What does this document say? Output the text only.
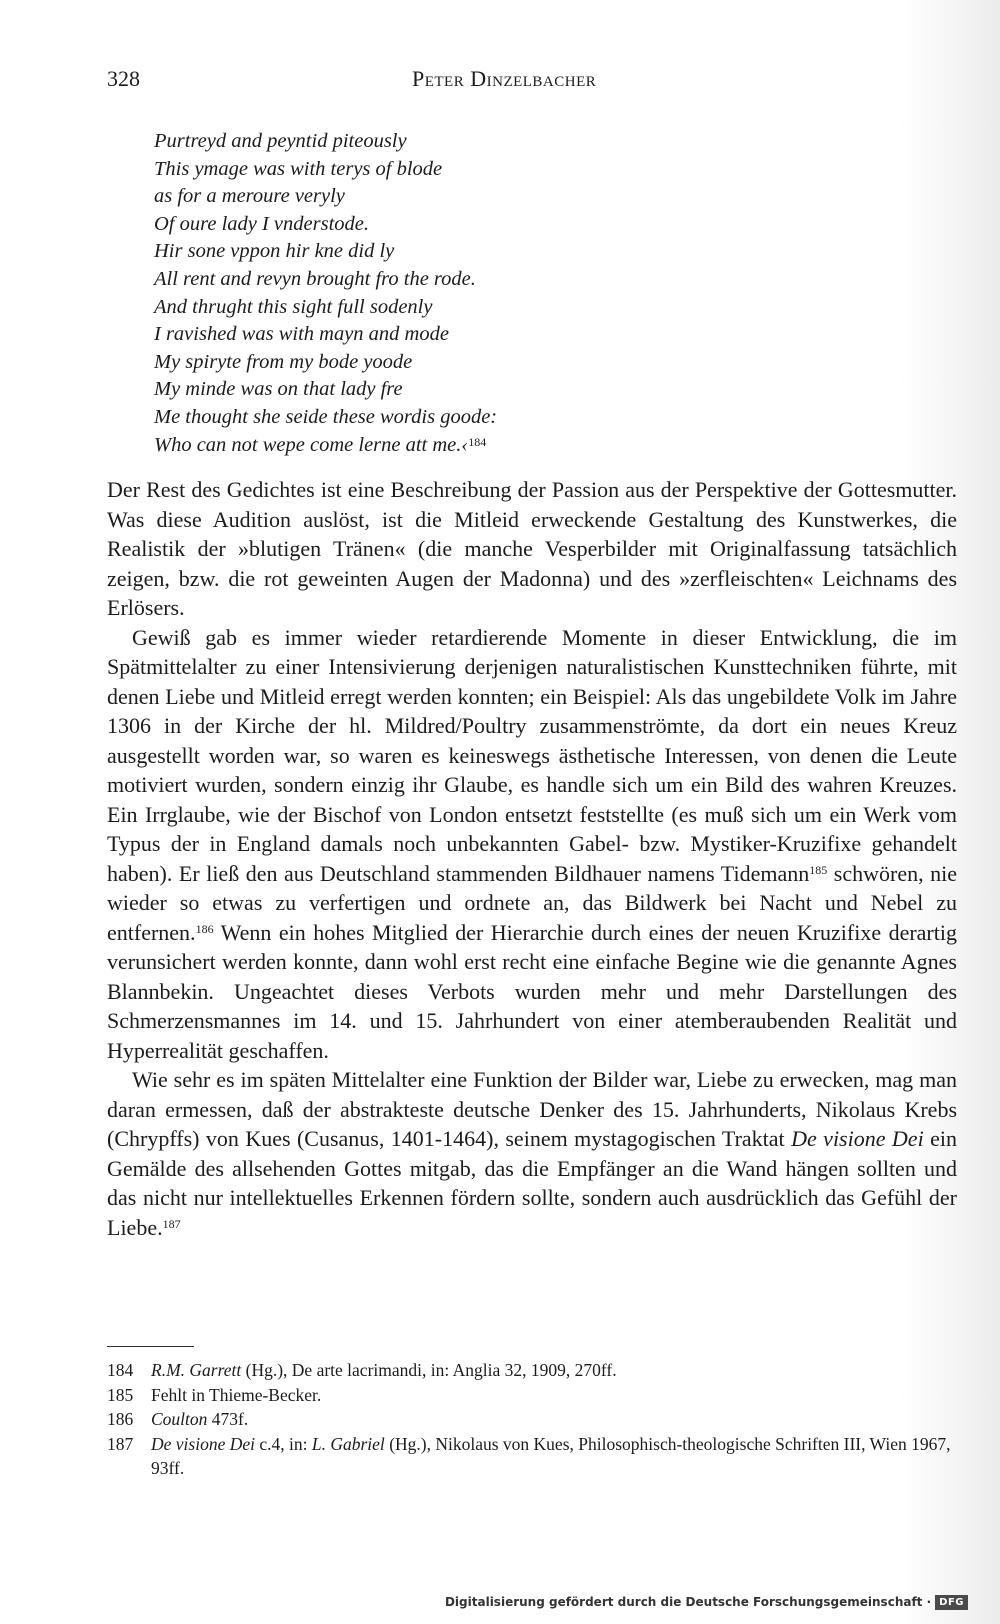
328	Peter Dinzelbacher
Purtreyd and peyntid piteously
This ymage was with terys of blode
as for a meroure veryly
Of oure lady I vnderstode.
Hir sone vppon hir kne did ly
All rent and revyn brought fro the rode.
And thrught this sight full sodenly
I ravished was with mayn and mode
My spiryte from my bode yoode
My minde was on that lady fre
Me thought she seide these wordis goode:
Who can not wepe come lerne att me.‹$^{184}$

Der Rest des Gedichtes ist eine Beschreibung der Passion aus der Perspektive der Gottesmutter. Was diese Audition auslöst, ist die Mitleid erweckende Gestaltung des Kunstwerkes, die Realistik der »blutigen Tränen« (die manche Vesperbilder mit Originalfassung tatsächlich zeigen, bzw. die rot geweinten Augen der Madonna) und des »zerfleischten« Leichnams des Erlösers.

Gewiß gab es immer wieder retardierende Momente in dieser Entwicklung, die im Spätmittelalter zu einer Intensivierung derjenigen naturalistischen Kunsttechniken führte, mit denen Liebe und Mitleid erregt werden konnten; ein Beispiel: Als das ungebildete Volk im Jahre 1306 in der Kirche der hl. Mildred/Poultry zusammenströmte, da dort ein neues Kreuz ausgestellt worden war, so waren es keineswegs ästhetische Interessen, von denen die Leute motiviert wurden, sondern einzig ihr Glaube, es handle sich um ein Bild des wahren Kreuzes. Ein Irrglaube, wie der Bischof von London entsetzt feststellte (es muß sich um ein Werk vom Typus der in England damals noch unbekannten Gabel- bzw. Mystiker-Kruzifixe gehandelt haben). Er ließ den aus Deutschland stammenden Bildhauer namens Tidemann$^{185}$ schwören, nie wieder so etwas zu verfertigen und ordnete an, das Bildwerk bei Nacht und Nebel zu entfernen.$^{186}$ Wenn ein hohes Mitglied der Hierarchie durch eines der neuen Kruzifixe derartig verunsichert werden konnte, dann wohl erst recht eine einfache Begine wie die genannte Agnes Blannbekin. Ungeachtet dieses Verbots wurden mehr und mehr Darstellungen des Schmerzensmannes im 14. und 15. Jahrhundert von einer atemberaubenden Realität und Hyperrealität geschaffen.

Wie sehr es im späten Mittelalter eine Funktion der Bilder war, Liebe zu erwecken, mag man daran ermessen, daß der abstrakteste deutsche Denker des 15. Jahrhunderts, Nikolaus Krebs (Chrypffs) von Kues (Cusanus, 1401-1464), seinem mystagogischen Traktat De visione Dei ein Gemälde des allsehenden Gottes mitgab, das die Empfänger an die Wand hängen sollten und das nicht nur intellektuelles Erkennen fördern sollte, sondern auch ausdrücklich das Gefühl der Liebe.$^{187}$

184 R.M. Garrett (Hg.), De arte lacrimandi, in: Anglia 32, 1909, 270ff.
185 Fehlt in Thieme-Becker.
186 Coulton 473f.
187 De visione Dei c.4, in: L. Gabriel (Hg.), Nikolaus von Kues, Philosophisch-theologische Schriften III, Wien 1967, 93ff.
Digitalisierung gefördert durch die Deutsche Forschungsgemeinschaft · DFG
